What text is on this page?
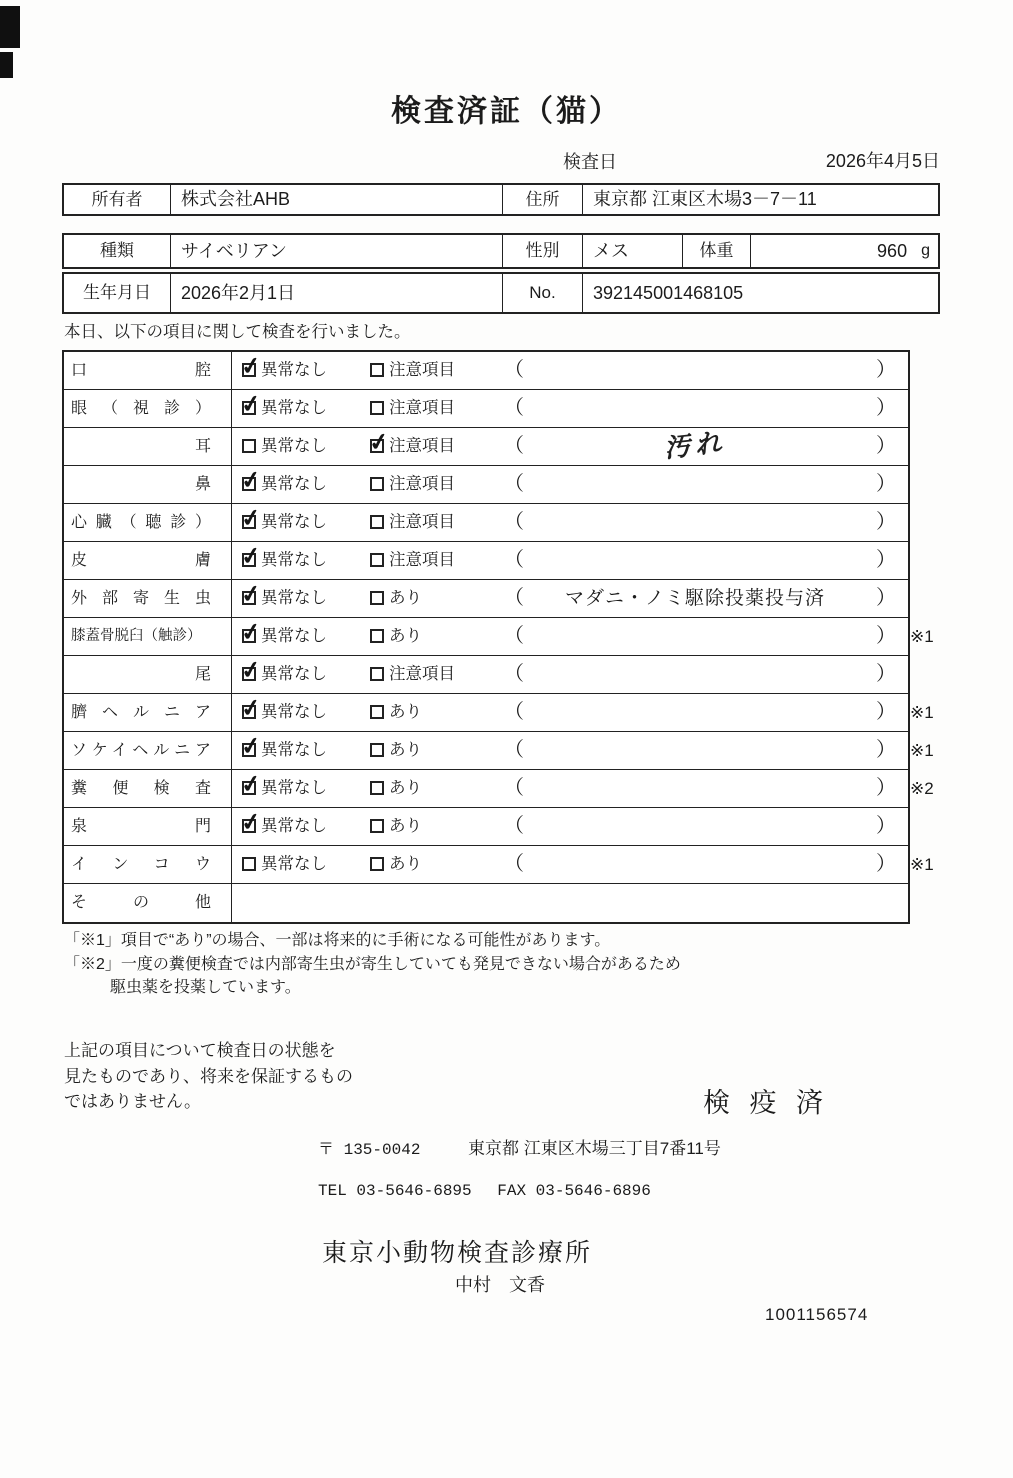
検査済証（猫）
検査日	2026年4月5日
所有者	株式会社AHB	住所	東京都 江東区木場3－7－11
種類	サイベリアン	性別	メス	体重	960 g
生年月日	2026年2月1日	No.	392145001468105
本日、以下の項目に関して検査を行いました。
口腔 ✓	異常なし	注意項目 （	）
眼（視診） ✓	異常なし	注意項目 （	）
耳	異常なし ✓	注意項目 （	汚れ	）
鼻 ✓	異常なし	注意項目 （	）
心臓（聴診） ✓	異常なし	注意項目 （	）
皮膚 ✓	異常なし	注意項目 （	）
外部寄生虫 ✓	異常なし	あり	（	マダニ・ノミ駆除投薬投与済	）
膝蓋骨脱臼（触診） ✓	異常なし	あり	（	） ※1
尾 ✓	異常なし	注意項目 （	）
臍ヘルニア ✓	異常なし	あり	（	） ※1
ソケイヘルニア ✓	異常なし	あり	（	） ※1
糞便検査 ✓	異常なし	あり	（	） ※2
泉門 ✓	異常なし	あり	（	）
インコウ	異常なし	あり	（	） ※1
その他
「※1」項目で“あり”の場合、一部は将来的に手術になる可能性があります。
「※2」一度の糞便検査では内部寄生虫が寄生していても発見できない場合があるため
駆虫薬を投薬しています。
上記の項目について検査日の状態を
見たものであり、将来を保証するもの
ではありません。	検 疫 済
〒 135-0042	東京都 江東区木場三丁目7番11号
TEL 03-5646-6895 FAX 03-5646-6896
東京小動物検査診療所
中村　文香
1001156574
